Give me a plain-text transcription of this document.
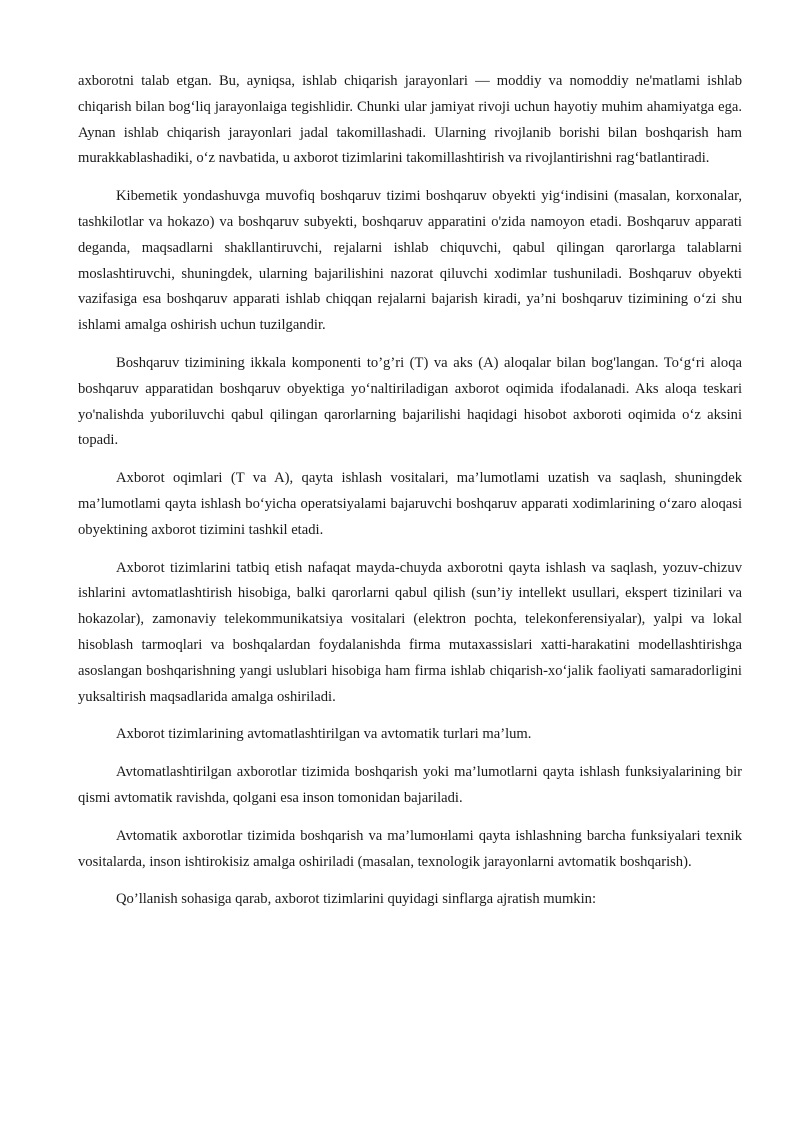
axborotni talab etgan. Bu, ayniqsa, ishlab chiqarish jarayonlari — moddiy va nomoddiy ne'matlami ishlab chiqarish bilan bog‘liq jarayonlaiga tegishlidir. Chunki ular jamiyat rivoji uchun hayotiy muhim ahamiyatga ega. Aynan ishlab chiqarish jarayonlari jadal takomillashadi. Ularning rivojlanib borishi bilan boshqarish ham murakkablashadiki, o‘z navbatida, u axborot tizimlarini takomillashtirish va rivojlantirishni rag‘batlantiradi.

Kibemetik yondashuvga muvofiq boshqaruv tizimi boshqaruv obyekti yig‘indisini (masalan, korxonalar, tashkilotlar va hokazo) va boshqaruv subyekti, boshqaruv apparatini o'zida namoyon etadi. Boshqaruv apparati deganda, maqsadlarni shakllantiruvchi, rejalarni ishlab chiquvchi, qabul qilingan qarorlarga talablarni moslashtiruvchi, shuningdek, ularning bajarilishini nazorat qiluvchi xodimlar tushuniladi. Boshqaruv obyekti vazifasiga esa boshqaruv apparati ishlab chiqqan rejalarni bajarish kiradi, ya’ni boshqaruv tizimining o‘zi shu ishlami amalga oshirish uchun tuzilgandir.

Boshqaruv tizimining ikkala komponenti to’g’ri (T) va aks (A) aloqalar bilan bog'langan. To‘g‘ri aloqa boshqaruv apparatidan boshqaruv obyektiga yo‘naltiriladigan axborot oqimida ifodalanadi. Aks aloqa teskari yo'nalishda yuboriluvchi qabul qilingan qarorlarning bajarilishi haqidagi hisobot axboroti oqimida o‘z aksini topadi.

Axborot oqimlari (T va A), qayta ishlash vositalari, ma’lumotlami uzatish va saqlash, shuningdek ma’lumotlami qayta ishlash bo‘yicha operatsiyalami bajaruvchi boshqaruv apparati xodimlarining o‘zaro aloqasi obyektining axborot tizimini tashkil etadi.

Axborot tizimlarini tatbiq etish nafaqat mayda-chuyda axborotni qayta ishlash va saqlash, yozuv-chizuv ishlarini avtomatlashtirish hisobiga, balki qarorlarni qabul qilish (sun’iy intellekt usullari, ekspert tizinilari va hokazolar), zamonaviy telekommunikatsiya vositalari (elektron pochta, telekonferensiyalar), yalpi va lokal hisoblash tarmoqlari va boshqalardan foydalanishda firma mutaxassislari xatti-harakatini modellashtirishga asoslangan boshqarishning yangi uslublari hisobiga ham firma ishlab chiqarish-xo‘jalik faoliyati samaradorligini yuksaltirish maqsadlarida amalga oshiriladi.

Axborot tizimlarining avtomatlashtirilgan va avtomatik turlari ma’lum.

Avtomatlashtirilgan axborotlar tizimida boshqarish yoki ma’lumotlarni qayta ishlash funksiyalarining bir qismi avtomatik ravishda, qolgani esa inson tomonidan bajariladi.

Avtomatik axborotlar tizimida boshqarish va ma’lumoнlami qayta ishlashning barcha funksiyalari texnik vositalarda, inson ishtirokisiz amalga oshiriladi (masalan, texnologik jarayonlarni avtomatik boshqarish).

Qo’llanish sohasiga qarab, axborot tizimlarini quyidagi sinflarga ajratish mumkin:
